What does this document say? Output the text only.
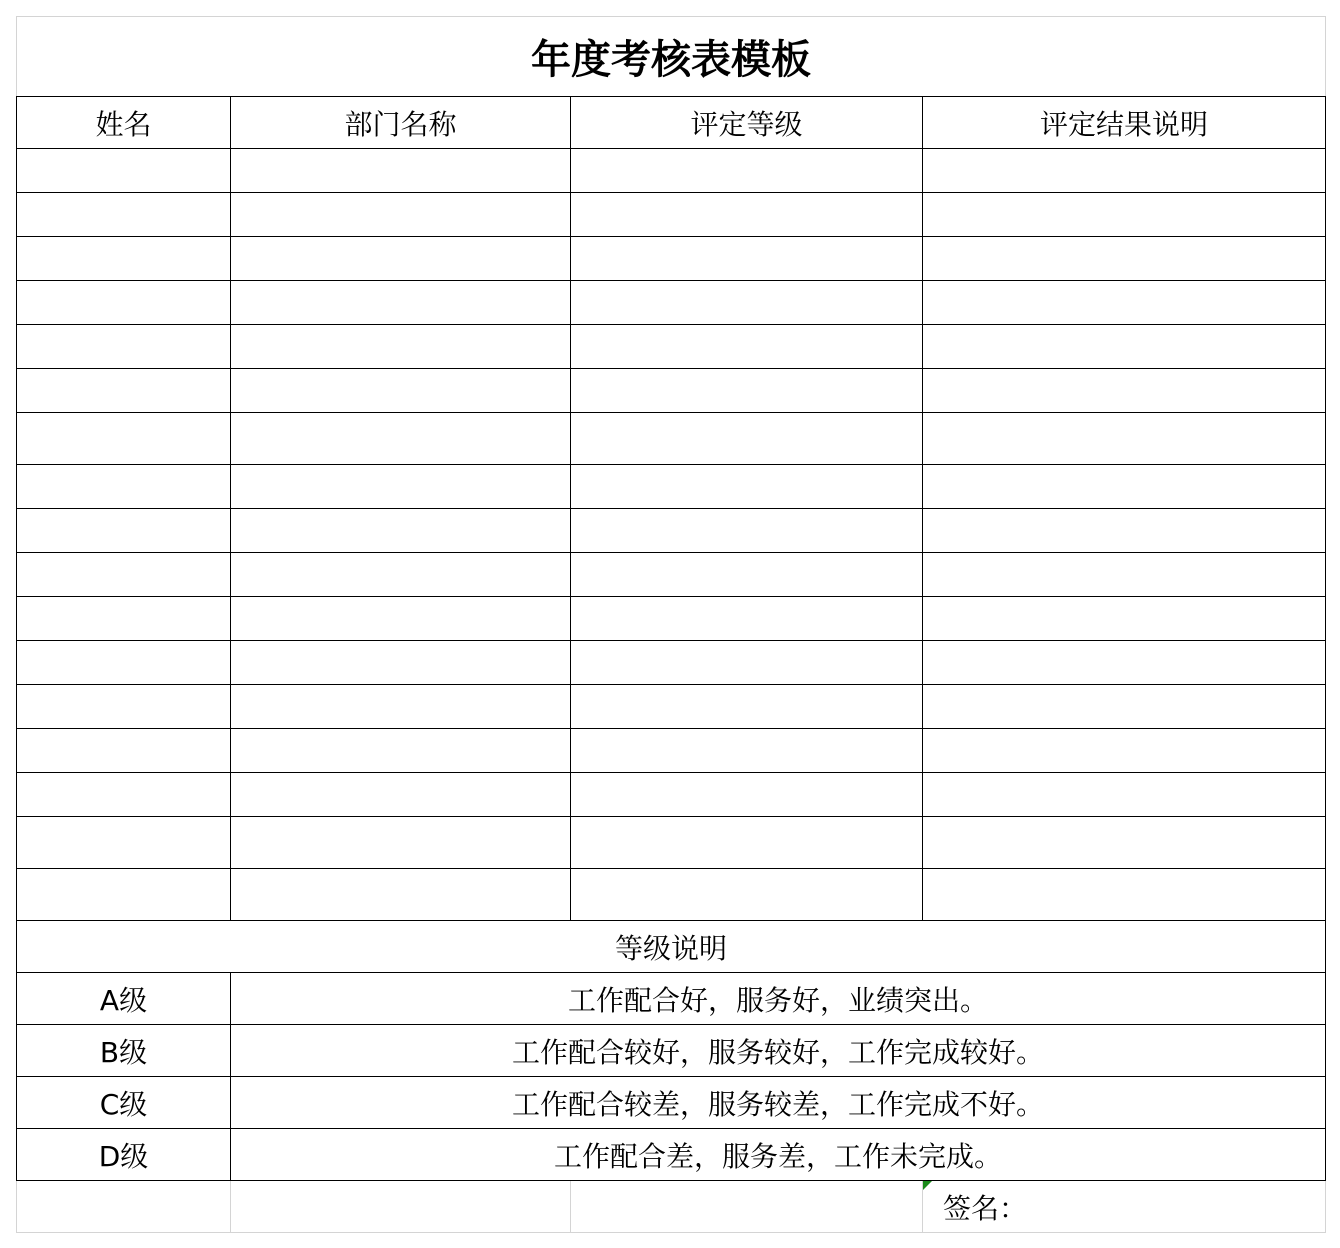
年度考核表模板			
姓名	部门名称	评定等级	评定结果说明

等级说明			
A级	工作配合好，服务好，业绩突出。		
B级	工作配合较好，服务较好，工作完成较好。		
C级	工作配合较差，服务较差，工作完成不好。		
D级	工作配合差，服务差，工作未完成。		

签名：
